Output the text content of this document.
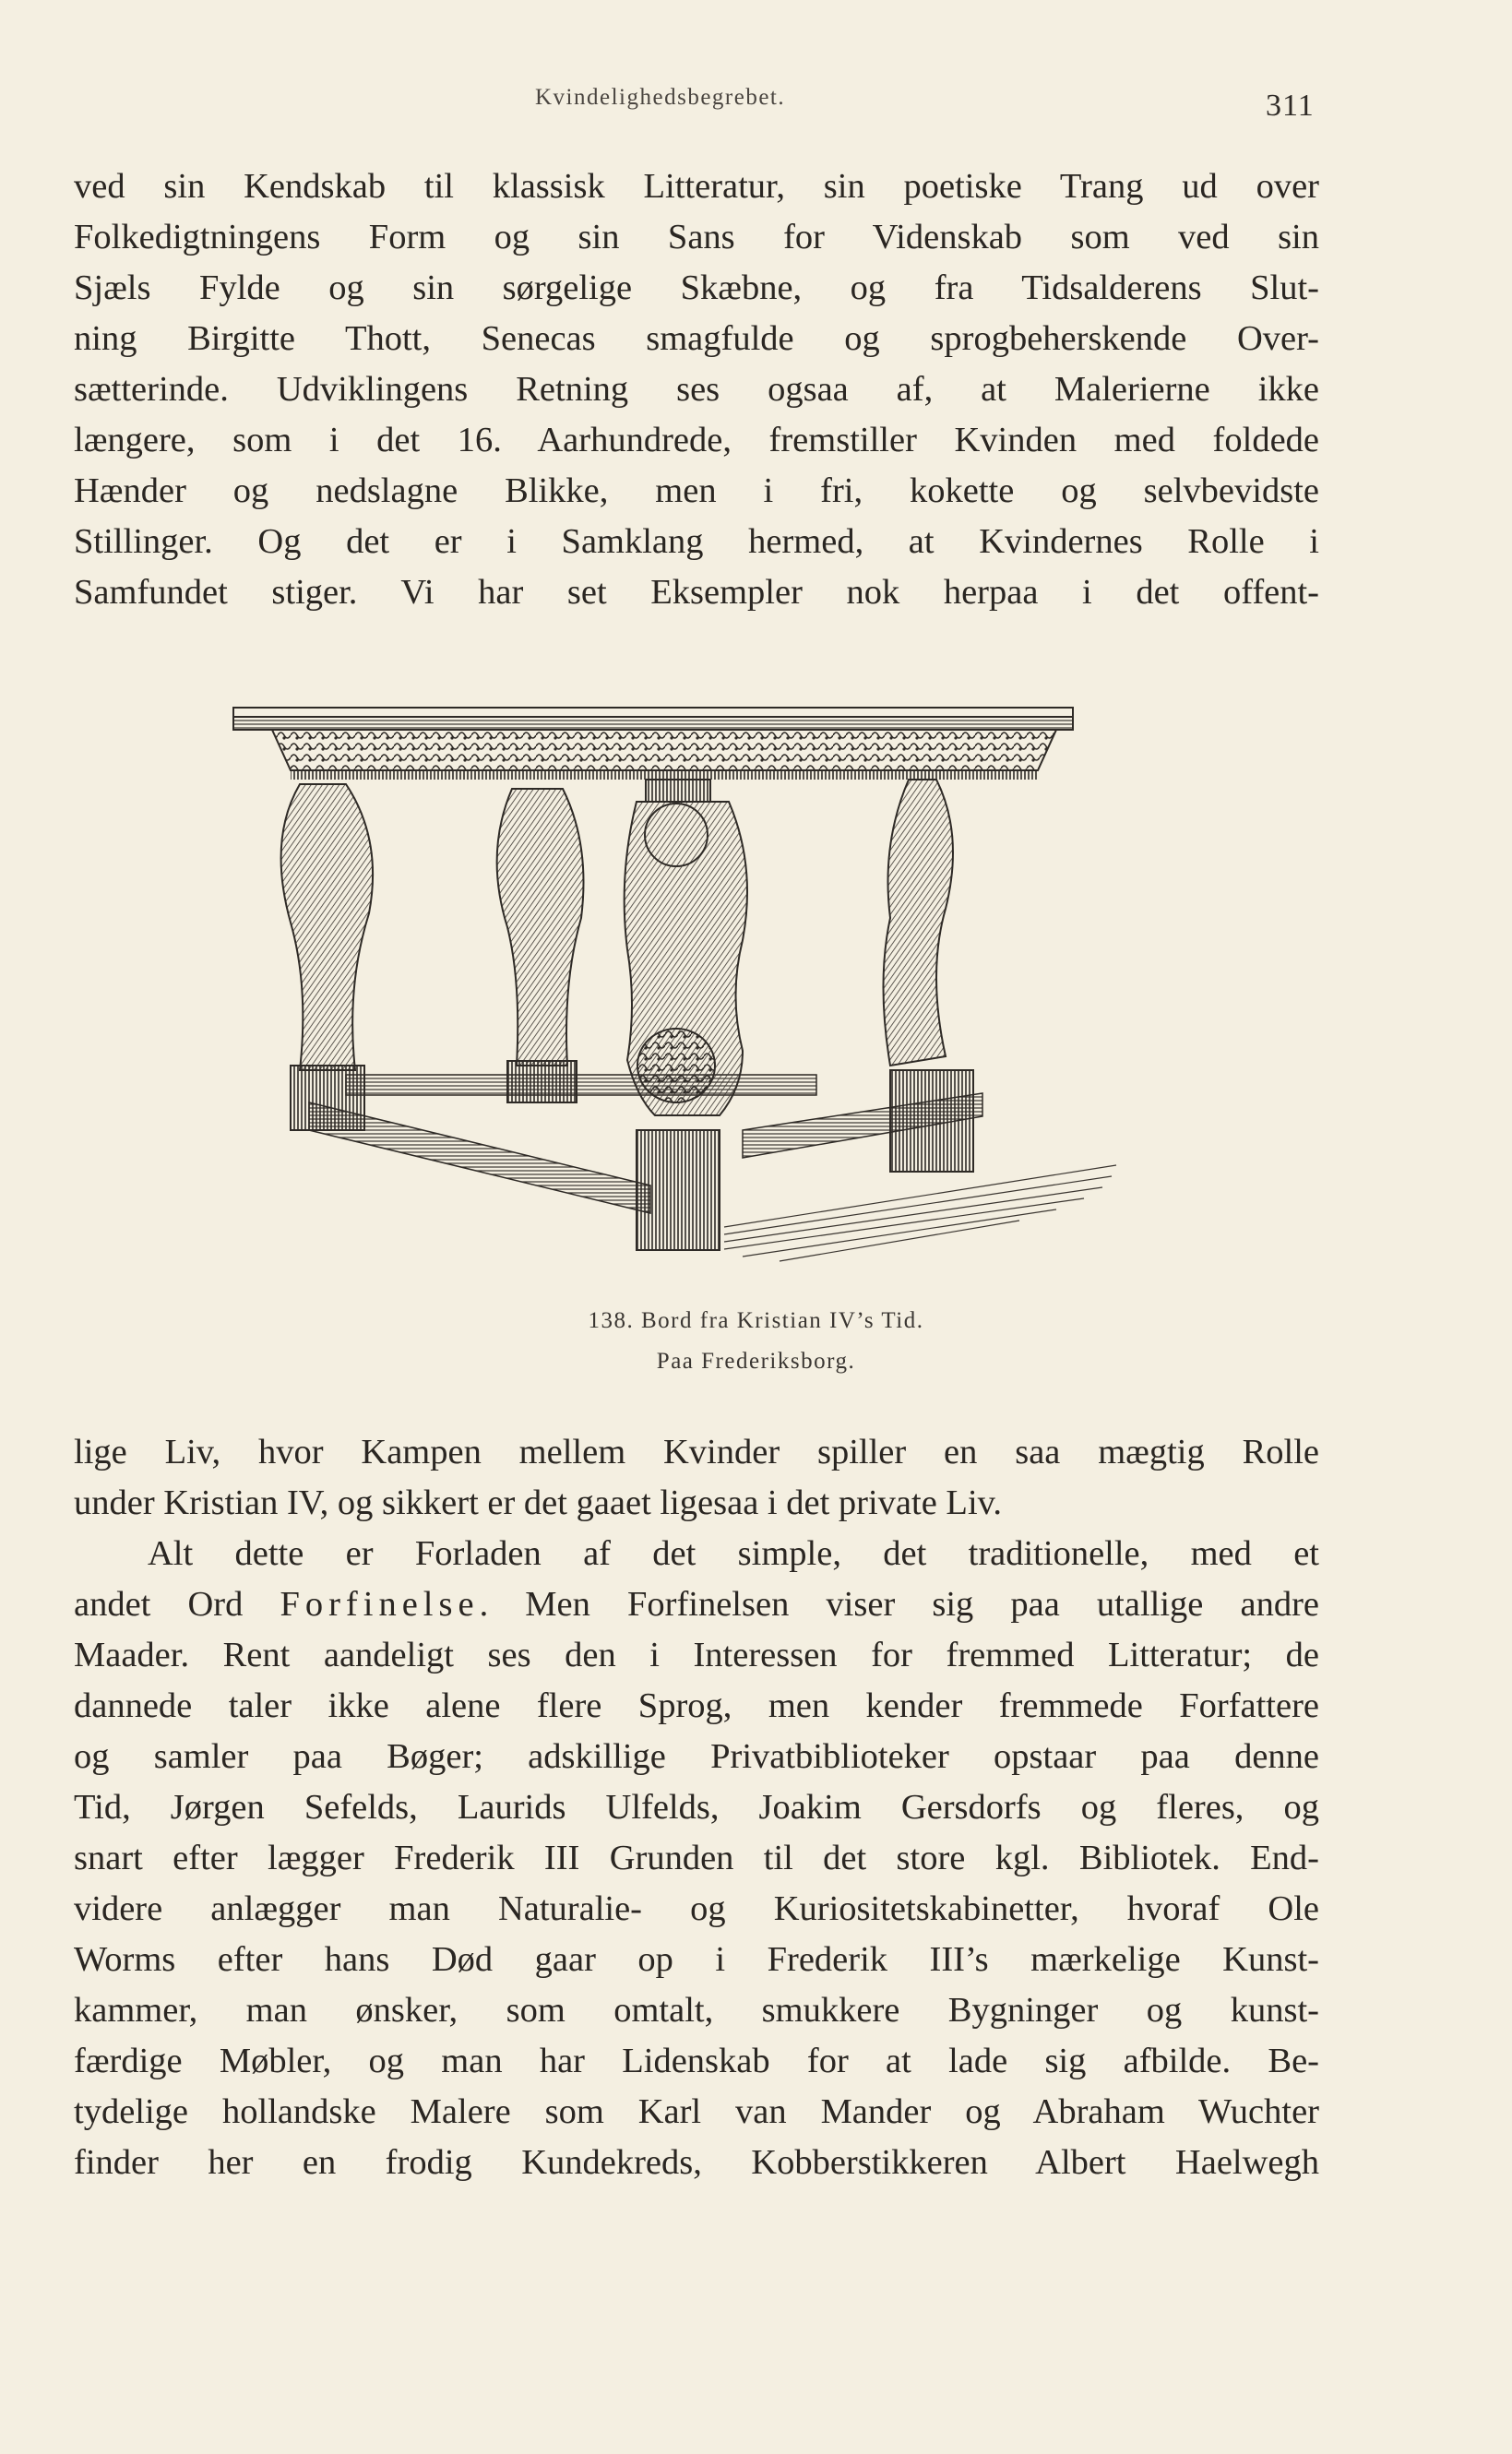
Kvindelighedsbegrebet.	311

ved sin Kendskab til klassisk Litteratur, sin poetiske Trang ud over

Folkedigtningens Form og sin Sans for Videnskab som ved sin

Sjæls Fylde og sin sørgelige Skæbne, og fra Tidsalderens Slut-

ning Birgitte Thott, Senecas smagfulde og sprogbeherskende Over-

sætterinde. Udviklingens Retning ses ogsaa af, at Malerierne ikke

længere, som i det 16. Aarhundrede, fremstiller Kvinden med foldede

Hænder og nedslagne Blikke, men i fri, kokette og selvbevidste

Stillinger. Og det er i Samklang hermed, at Kvindernes Rolle i

Samfundet stiger. Vi har set Eksempler nok herpaa i det offent-

138. Bord fra Kristian IV’s Tid.
Paa Frederiksborg.

lige Liv, hvor Kampen mellem Kvinder spiller en saa mægtig Rolle

under Kristian IV, og sikkert er det gaaet ligesaa i det private Liv.

Alt dette er Forladen af det simple, det traditionelle, med et

andet Ord Forfinelse. Men Forfinelsen viser sig paa utallige andre

Maader. Rent aandeligt ses den i Interessen for fremmed Litteratur; de

dannede taler ikke alene flere Sprog, men kender fremmede Forfattere

og samler paa Bøger; adskillige Privatbiblioteker opstaar paa denne

Tid, Jørgen Sefelds, Laurids Ulfelds, Joakim Gersdorfs og fleres, og

snart efter lægger Frederik III Grunden til det store kgl. Bibliotek. End-

videre anlægger man Naturalie- og Kuriositetskabinetter, hvoraf Ole

Worms efter hans Død gaar op i Frederik III’s mærkelige Kunst-

kammer, man ønsker, som omtalt, smukkere Bygninger og kunst-

færdige Møbler, og man har Lidenskab for at lade sig afbilde. Be-

tydelige hollandske Malere som Karl van Mander og Abraham Wuchter

finder her en frodig Kundekreds, Kobberstikkeren Albert Haelwegh
